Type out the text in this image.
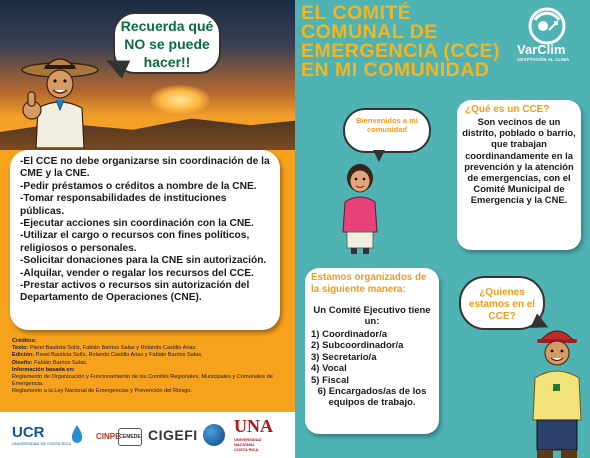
Recuerda qué
NO se puede
hacer!!

-El CCE no debe organizarse sin coordinación de la CME y la CNE.

-Pedir préstamos o créditos a nombre de la CNE.

-Tomar responsabilidades de instituciones públicas.

-Ejecutar acciones sin coordinación con la CNE.

-Utilizar el cargo o recursos con fines políticos, religiosos o personales.

-Solicitar donaciones para la CNE sin autorización.

-Alquilar, vender o regalar los recursos del CCE.

-Prestar activos o recursos sin autorización del Departamento de Operaciones (CNE).

Créditos:
Texto: Pavel Bautista Solís, Fabián Barrios Salas y Rolando Castillo Arias.
Edición: Pavel Bautista Solís, Rolando Castillo Arias y Fabián Barrios Salas.
Diseño: Fabián Barrios Salas.
Información basada en:
Reglamento de Organización y Funcionamiento de los Comités Regionales, Municipales y Comunales de Emergencia.
Reglamento a la Ley Nacional de Emergencias y Prevención del Riesgo.
UCR
UNIVERSIDAD DE COSTA RICA
CINPE
CEMEDE CIGEFI UNA
UNIVERSIDAD
NACIONAL
COSTA RICA
EL COMITÉ
COMUNAL DE
EMERGENCIA (CCE)
EN MI COMUNIDAD
VarClim
ADAPTACIÓN AL CLIMA
Bienvenidos a mi comunidad
¿Qué es un CCE?
Son vecinos de un distrito, poblado o barrio, que trabajan coordinandamente en la prevención y la atención de emergencias, con el Comité Municipal de Emergencia y la CNE.
Estamos organizados de la siguiente manera:
Un Comité Ejecutivo tiene un:
1) Coordinador/a
2) Subcoordinador/a
3) Secretario/a
4) Vocal
5) Fiscal
6) Encargados/as de los equipos de trabajo.
¿Quienes estamos en el CCE?
